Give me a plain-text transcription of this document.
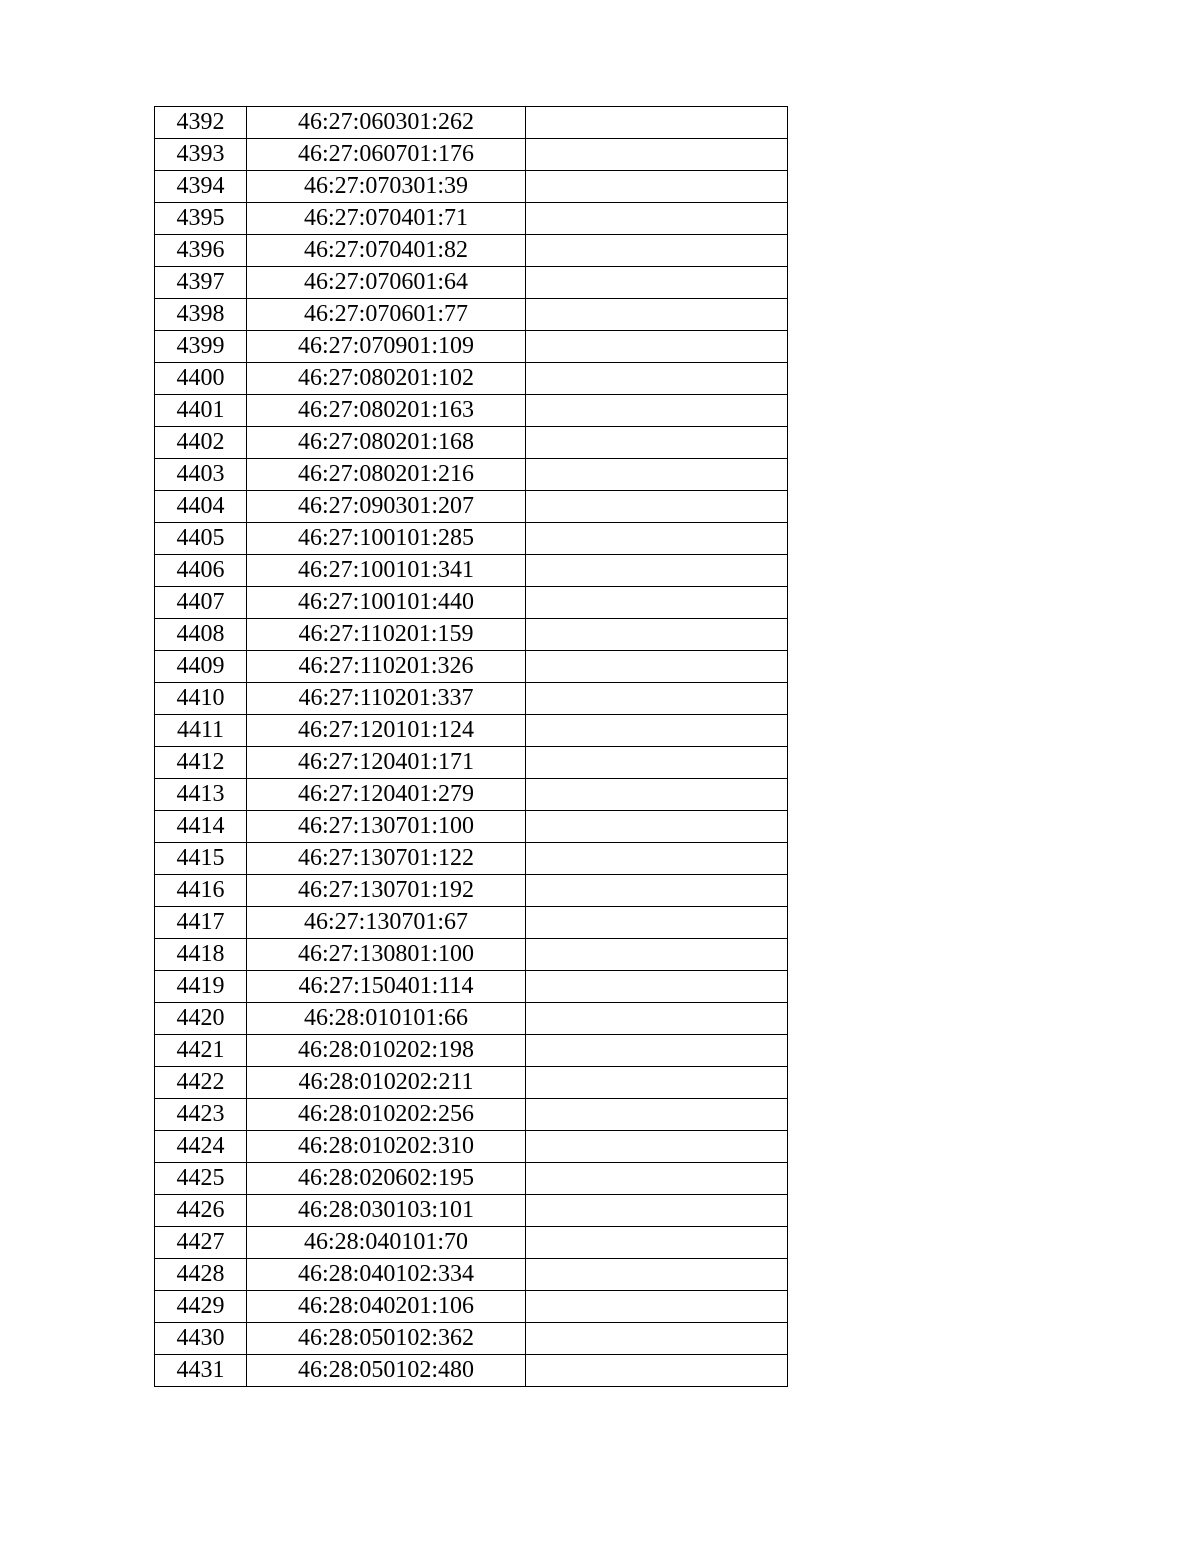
4392	46:27:060301:262	
4393	46:27:060701:176	
4394	46:27:070301:39	
4395	46:27:070401:71	
4396	46:27:070401:82	
4397	46:27:070601:64	
4398	46:27:070601:77	
4399	46:27:070901:109	
4400	46:27:080201:102	
4401	46:27:080201:163	
4402	46:27:080201:168	
4403	46:27:080201:216	
4404	46:27:090301:207	
4405	46:27:100101:285	
4406	46:27:100101:341	
4407	46:27:100101:440	
4408	46:27:110201:159	
4409	46:27:110201:326	
4410	46:27:110201:337	
4411	46:27:120101:124	
4412	46:27:120401:171	
4413	46:27:120401:279	
4414	46:27:130701:100	
4415	46:27:130701:122	
4416	46:27:130701:192	
4417	46:27:130701:67	
4418	46:27:130801:100	
4419	46:27:150401:114	
4420	46:28:010101:66	
4421	46:28:010202:198	
4422	46:28:010202:211	
4423	46:28:010202:256	
4424	46:28:010202:310	
4425	46:28:020602:195	
4426	46:28:030103:101	
4427	46:28:040101:70	
4428	46:28:040102:334	
4429	46:28:040201:106	
4430	46:28:050102:362	
4431	46:28:050102:480	
